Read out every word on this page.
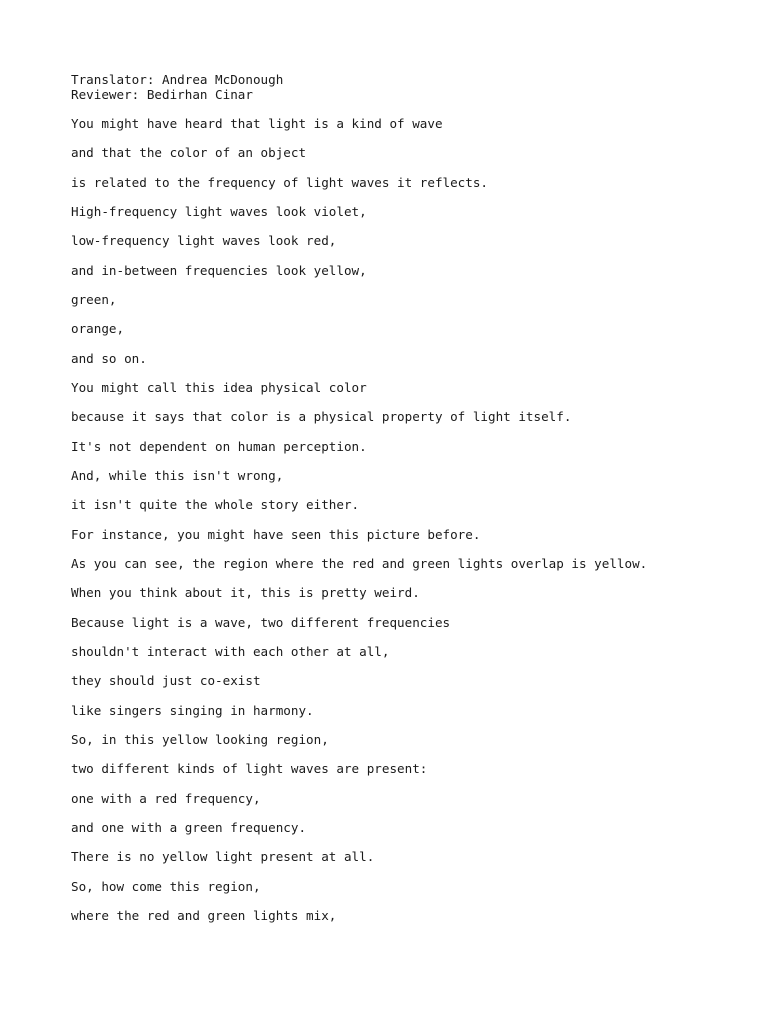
Translator: Andrea McDonough
Reviewer: Bedirhan Cinar
You might have heard that light is a kind of wave
and that the color of an object
is related to the frequency of light waves it reflects.
High-frequency light waves look violet,
low-frequency light waves look red,
and in-between frequencies look yellow,
green,
orange,
and so on.
You might call this idea physical color
because it says that color is a physical property of light itself.
It's not dependent on human perception.
And, while this isn't wrong,
it isn't quite the whole story either.
For instance, you might have seen this picture before.
As you can see, the region where the red and green lights overlap is yellow.
When you think about it, this is pretty weird.
Because light is a wave, two different frequencies
shouldn't interact with each other at all,
they should just co-exist
like singers singing in harmony.
So, in this yellow looking region,
two different kinds of light waves are present:
one with a red frequency,
and one with a green frequency.
There is no yellow light present at all.
So, how come this region,
where the red and green lights mix,
